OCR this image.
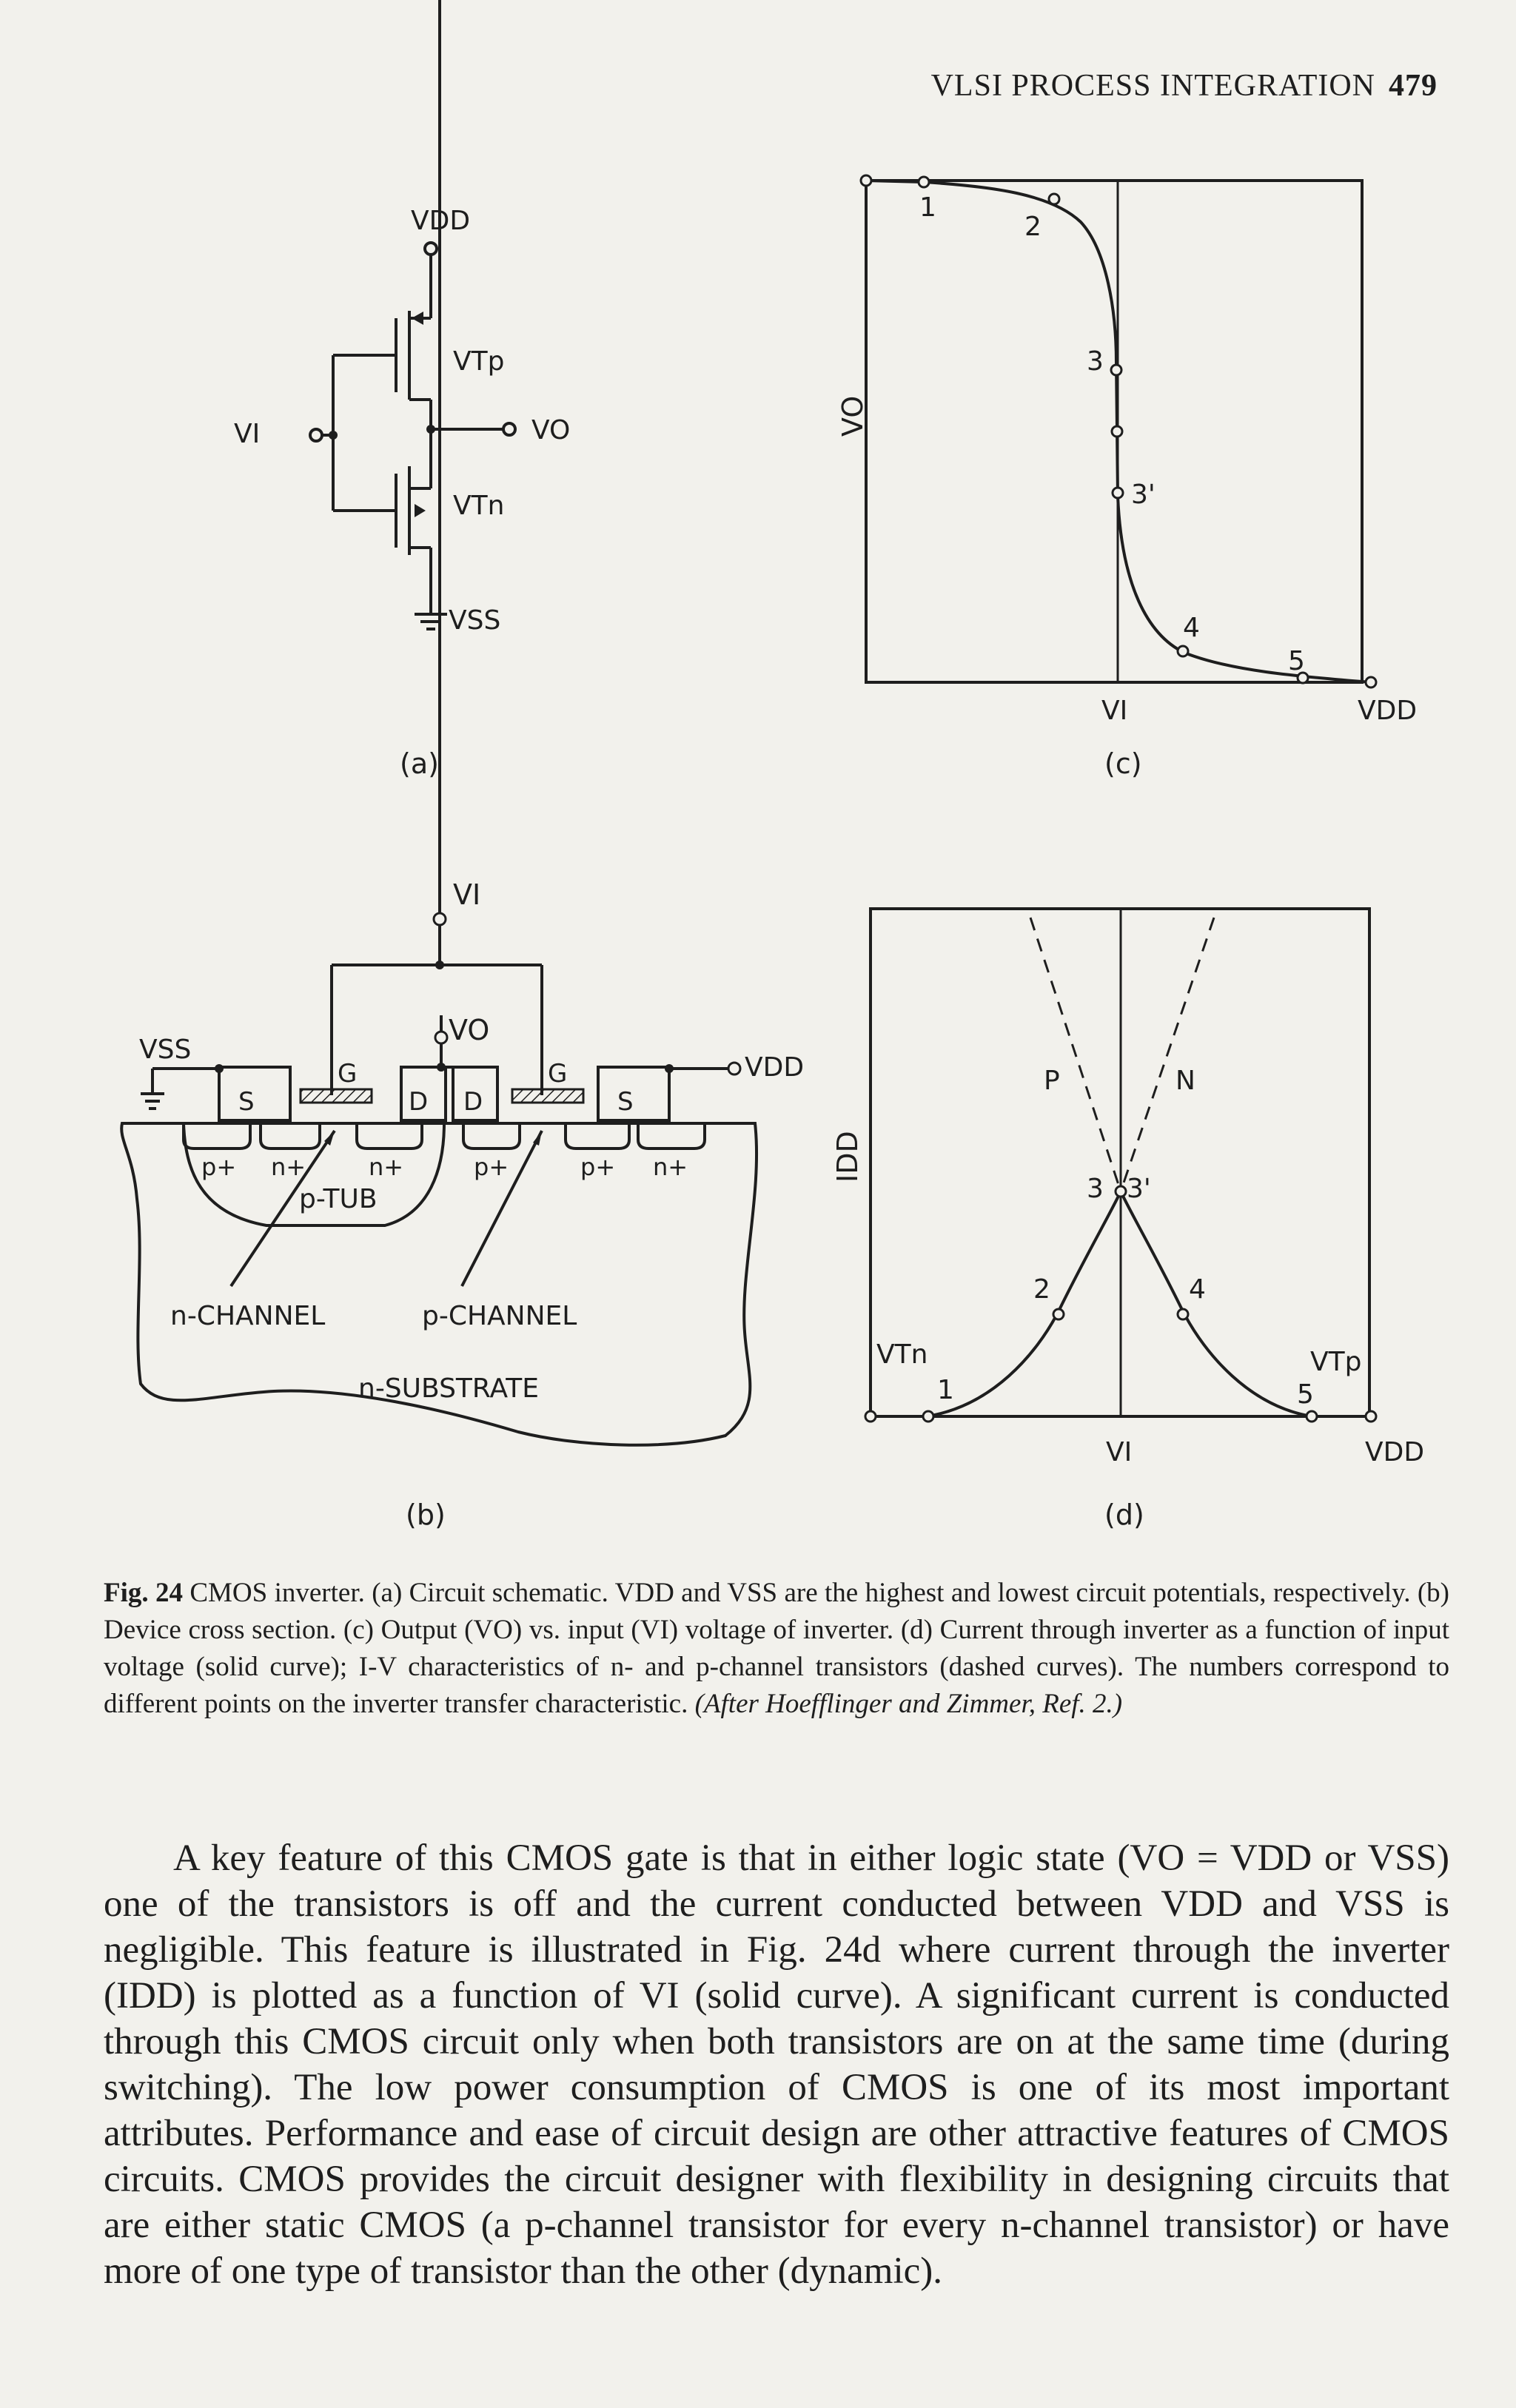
VLSI PROCESS INTEGRATION 479
VDD
VTp
VI	VO
VTn
VSS
(a)
1
2
3
3'
4
5
VO
VI	VDD
(c)
VI
VO
VSS
VDD
G	G
S	S
D D
p+ n+	n+	p+	p+ n+
p-TUB
n-CHANNEL	p-CHANNEL
n-SUBSTRATE
(b)
P	N
3 3'
2	4
1	5
VTn	VTp
IDD
VI	VDD
(d)
Fig. 24 CMOS inverter. (a) Circuit schematic. VDD and VSS are the highest and lowest circuit potentials, respectively. (b) Device cross section. (c) Output (VO) vs. input (VI) voltage of inverter. (d) Current through inverter as a function of input voltage (solid curve); I-V characteristics of n- and p-channel transistors (dashed curves). The numbers correspond to different points on the inverter transfer characteristic. (After Hoefflinger and Zimmer, Ref. 2.)

A key feature of this CMOS gate is that in either logic state (VO = VDD or VSS) one of the transistors is off and the current conducted between VDD and VSS is negligible. This feature is illustrated in Fig. 24d where current through the inverter (IDD) is plotted as a function of VI (solid curve). A significant current is conducted through this CMOS circuit only when both transistors are on at the same time (during switching). The low power consumption of CMOS is one of its most important attributes. Performance and ease of circuit design are other attractive features of CMOS circuits. CMOS provides the circuit designer with flexibility in designing circuits that are either static CMOS (a p-channel transistor for every n-channel transistor) or have more of one type of transistor than the other (dynamic).
